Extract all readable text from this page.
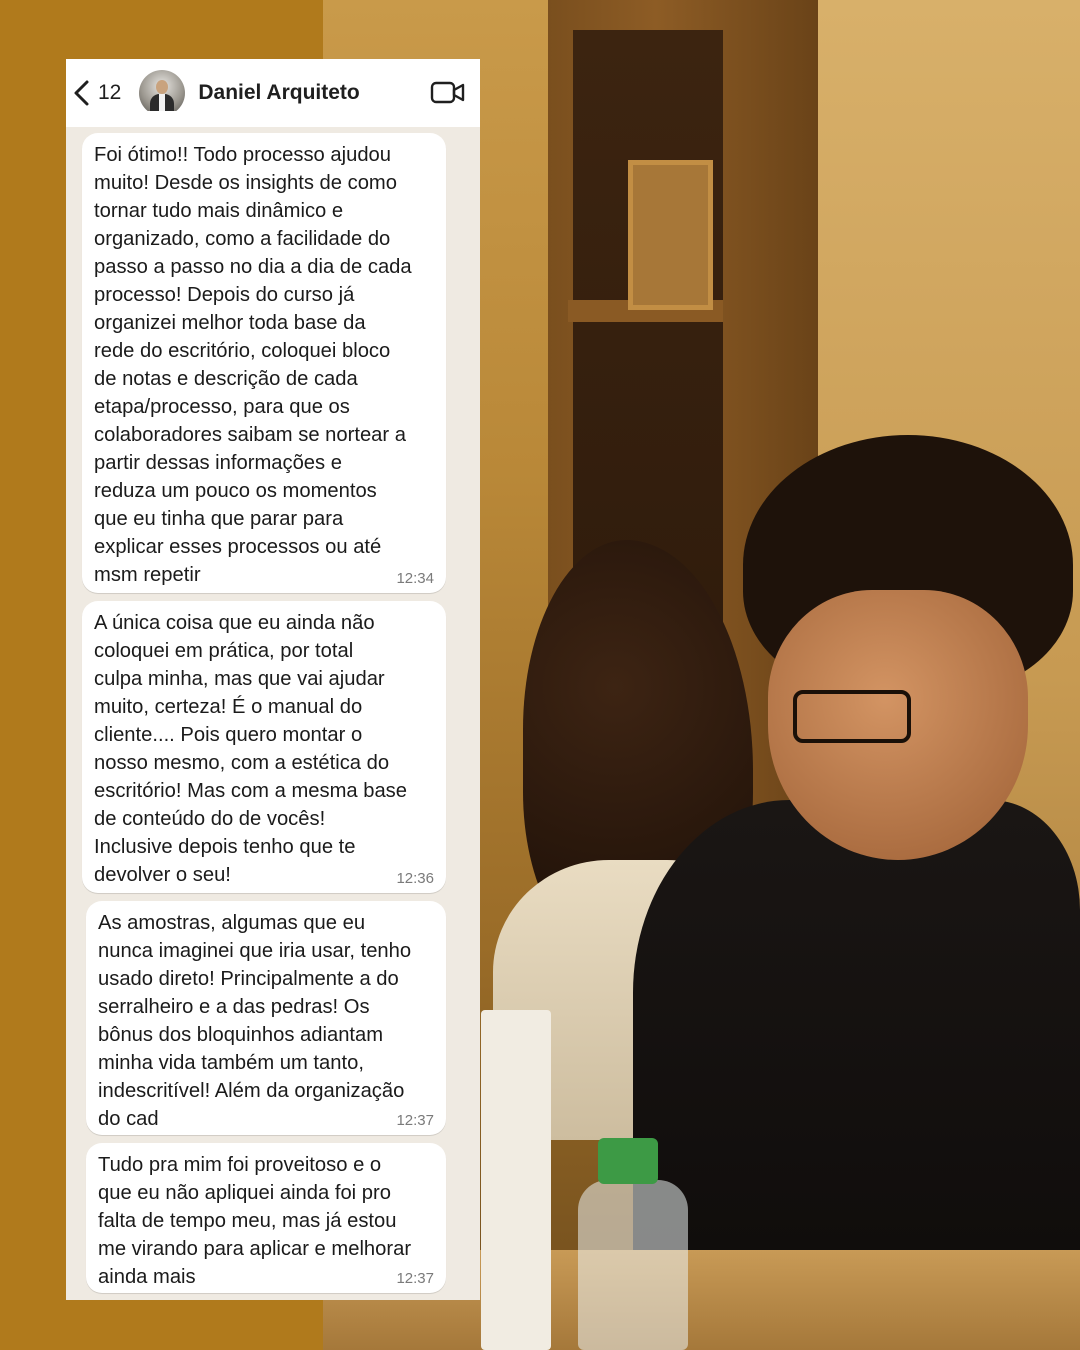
12	Daniel Arquiteto

Foi ótimo!! Todo processo ajudou
muito! Desde os insights de como
tornar tudo mais dinâmico e
organizado, como a facilidade do
passo a passo no dia a dia de cada
processo! Depois do curso já
organizei melhor toda base da
rede do escritório, coloquei bloco
de notas e descrição de cada
etapa/processo, para que os
colaboradores saibam se nortear a
partir dessas informações e
reduza um pouco os momentos
que eu tinha que parar para
explicar esses processos ou até
msm repetir	12:34

A única coisa que eu ainda não
coloquei em prática, por total
culpa minha, mas que vai ajudar
muito, certeza! É o manual do
cliente.... Pois quero montar o
nosso mesmo, com a estética do
escritório! Mas com a mesma base
de conteúdo do de vocês!
Inclusive depois tenho que te
devolver o seu!	12:36

As amostras, algumas que eu
nunca imaginei que iria usar, tenho
usado direto! Principalmente a do
serralheiro e a das pedras! Os
bônus dos bloquinhos adiantam
minha vida também um tanto,
indescritível! Além da organização
do cad	12:37

Tudo pra mim foi proveitoso e o
que eu não apliquei ainda foi pro
falta de tempo meu, mas já estou
me virando para aplicar e melhorar
ainda mais	12:37
